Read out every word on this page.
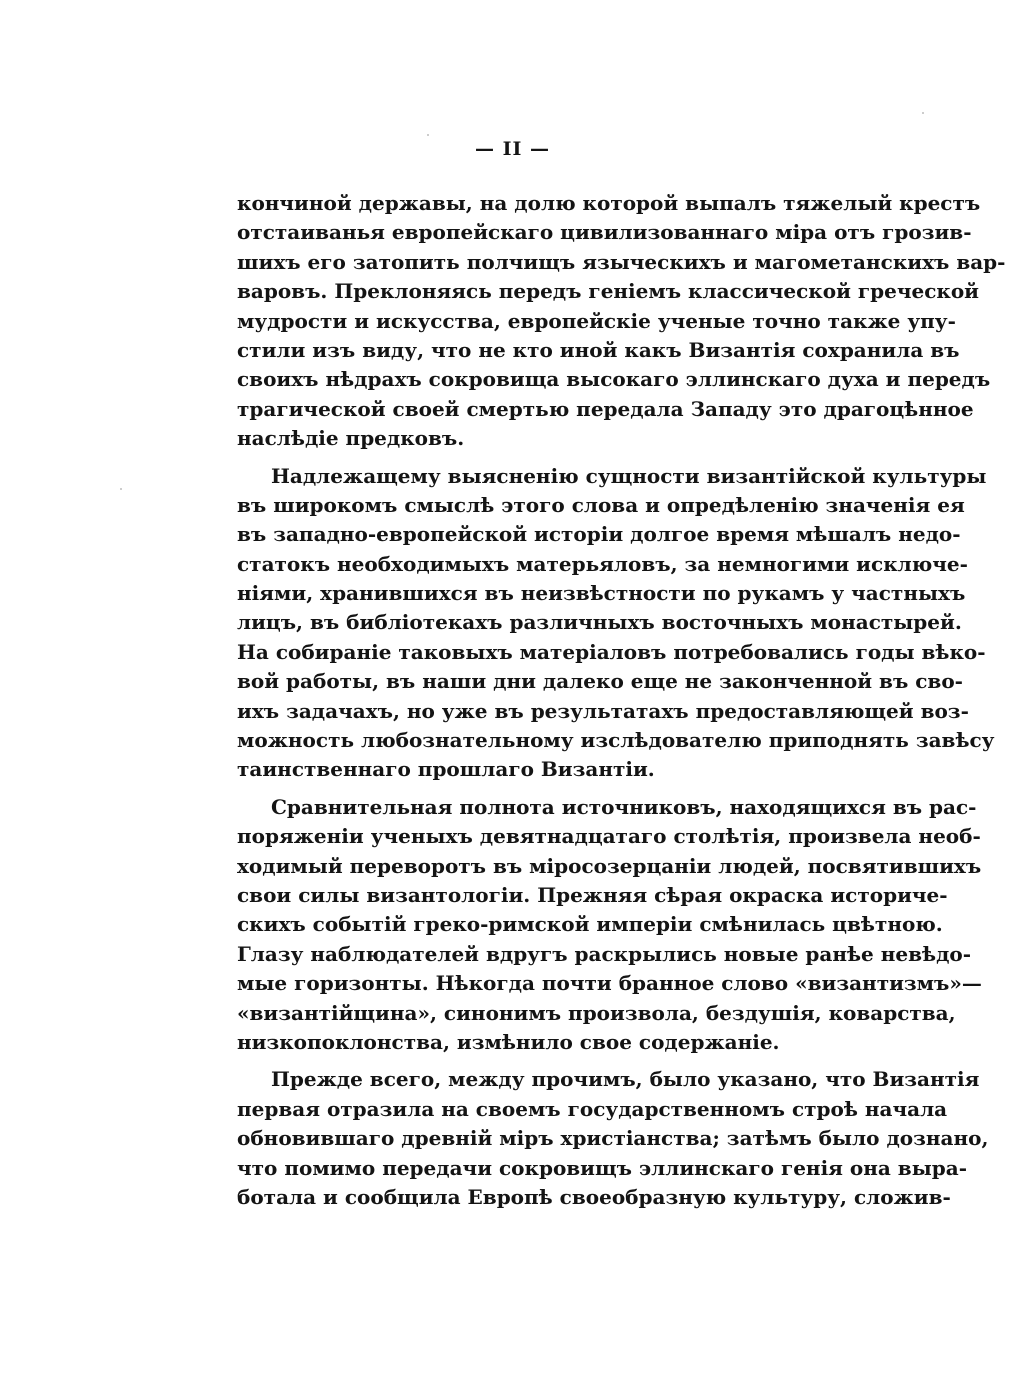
— II —
кончиной державы, на долю которой выпалъ тяжелый крестъ
отстаиванья европейскаго цивилизованнаго міра отъ грозив-
шихъ его затопить полчищъ языческихъ и магометанскихъ вар-
варовъ. Преклоняясь передъ геніемъ классической греческой
мудрости и искусства, европейскіе ученые точно также упу-
стили изъ виду, что не кто иной какъ Византія сохранила въ
своихъ нѣдрахъ сокровища высокаго эллинскаго духа и передъ
трагической своей смертью передала Западу это драгоцѣнное
наслѣдіе предковъ.
Надлежащему выясненію сущности византійской культуры
въ широкомъ смыслѣ этого слова и опредѣленію значенія ея
въ западно-европейской исторіи долгое время мѣшалъ недо-
статокъ необходимыхъ матерьяловъ, за немногими исключе-
ніями, хранившихся въ неизвѣстности по рукамъ у частныхъ
лицъ, въ библіотекахъ различныхъ восточныхъ монастырей.
На собираніе таковыхъ матеріаловъ потребовались годы вѣко-
вой работы, въ наши дни далеко еще не законченной въ сво-
ихъ задачахъ, но уже въ результатахъ предоставляющей воз-
можность любознательному изслѣдователю приподнять завѣсу
таинственнаго прошлаго Византіи.
Сравнительная полнота источниковъ, находящихся въ рас-
поряженіи ученыхъ девятнадцатаго столѣтія, произвела необ-
ходимый переворотъ въ міросозерцаніи людей, посвятившихъ
свои силы византологіи. Прежняя сѣрая окраска историче-
скихъ событій греко-римской имперіи смѣнилась цвѣтною.
Глазу наблюдателей вдругъ раскрылись новые ранѣе невѣдо-
мые горизонты. Нѣкогда почти бранное слово «византизмъ»—
«византійщина», синонимъ произвола, бездушія, коварства,
низкопоклонства, измѣнило свое содержаніе.
Прежде всего, между прочимъ, было указано, что Византія
первая отразила на своемъ государственномъ строѣ начала
обновившаго древній міръ христіанства; затѣмъ было дознано,
что помимо передачи сокровищъ эллинскаго генія она выра-
ботала и сообщила Европѣ своеобразную культуру, сложив-
